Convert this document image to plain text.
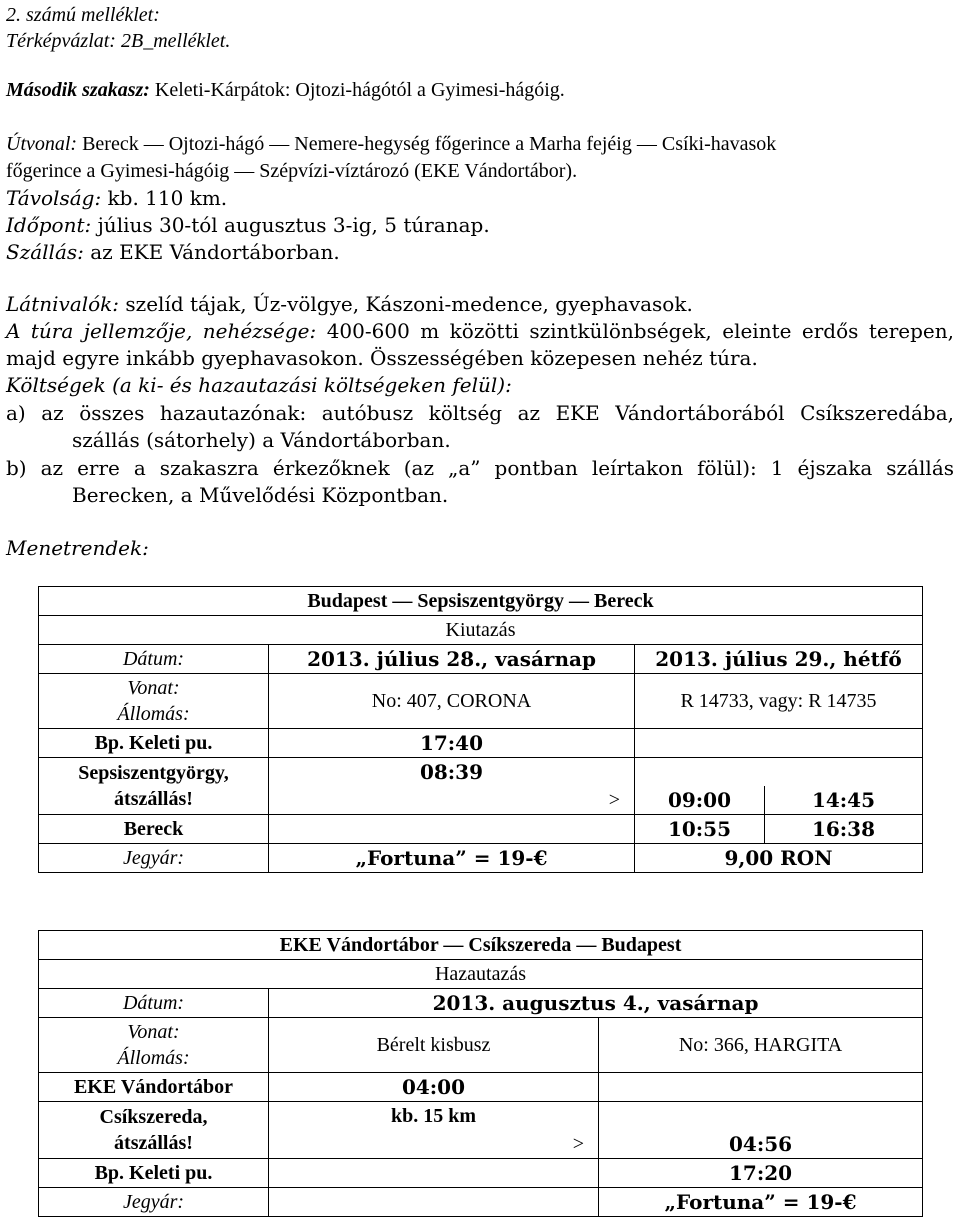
2. számú melléklet:
Térképvázlat: 2B_melléklet.
Második szakasz: Keleti-Kárpátok: Ojtozi-hágótól a Gyimesi-hágóig.
Útvonal: Bereck — Ojtozi-hágó — Nemere-hegység főgerince a Marha fejéig — Csíki-havasok
főgerince a Gyimesi-hágóig — Szépvízi-víztározó (EKE Vándortábor).
Távolság: kb. 110 km.
Időpont: július 30-tól augusztus 3-ig, 5 túranap.
Szállás: az EKE Vándortáborban.
Látnivalók: szelíd tájak, Úz-völgye, Kászoni-medence, gyephavasok.
A túra jellemzője, nehézsége: 400-600 m közötti szintkülönbségek, eleinte erdős terepen,
majd egyre inkább gyephavasokon. Összességében közepesen nehéz túra.
Költségek (a ki- és hazautazási költségeken felül):
a) az összes hazautazónak: autóbusz költség az EKE Vándortáborából Csíkszeredába,
szállás (sátorhely) a Vándortáborban.
b) az erre a szakaszra érkezőknek (az „a” pontban leírtakon fölül): 1 éjszaka szállás
Berecken, a Művelődési Központban.
Menetrendek:
Budapest — Sepsiszentgyörgy — Bereck			
Kiutazás			
Dátum:	2013. július 28., vasárnap	2013. július 29., hétfő	

Vonat:
Állomás:	No: 407, CORONA	R 14733, vagy: R 14735	
Bp. Keleti pu.	17:40		

Sepsiszentgyörgy,
átszállás!	08:39		
	>	09:00	14:45
Bereck		10:55	16:38
Jegyár:	„Fortuna” = 19-€	9,00 RON	
EKE Vándortábor — Csíkszereda — Budapest		
Hazautazás		
Dátum:	2013. augusztus 4., vasárnap	

Vonat:
Állomás:	Bérelt kisbusz	No: 366, HARGITA
EKE Vándortábor	04:00	

Csíkszereda,
átszállás!	kb. 15 km	
	>	04:56
Bp. Keleti pu.		17:20
Jegyár:		„Fortuna” = 19-€
